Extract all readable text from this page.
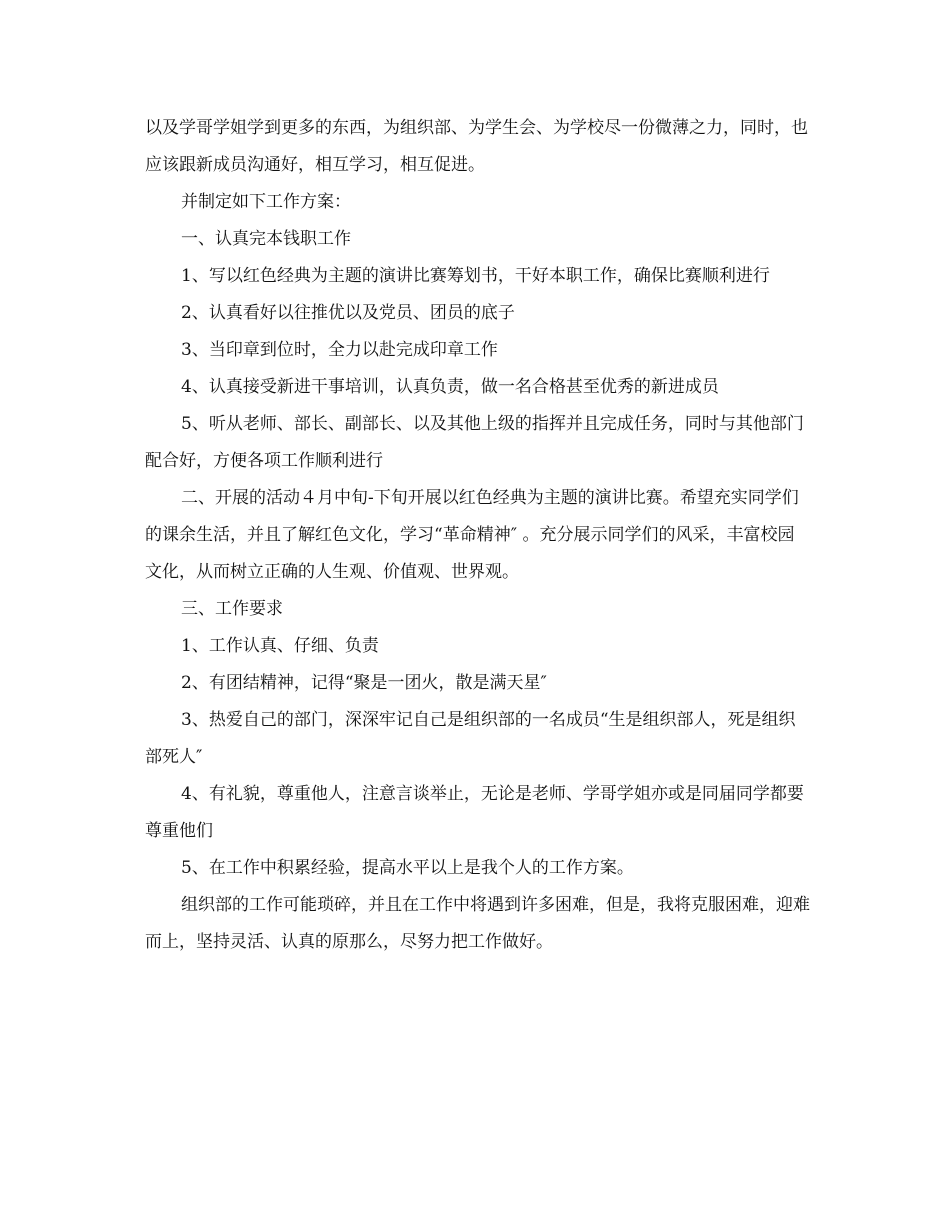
以及学哥学姐学到更多的东西，为组织部、为学生会、为学校尽一份微薄之力，同时，也应该跟新成员沟通好，相互学习，相互促进。

并制定如下工作方案：

一、认真完本钱职工作

1、写以红色经典为主题的演讲比赛筹划书，干好本职工作，确保比赛顺利进行

2、认真看好以往推优以及党员、团员的底子

3、当印章到位时，全力以赴完成印章工作

4、认真接受新进干事培训，认真负责，做一名合格甚至优秀的新进成员

5、听从老师、部长、副部长、以及其他上级的指挥并且完成任务，同时与其他部门配合好，方便各项工作顺利进行

二、开展的活动４月中旬-下旬开展以红色经典为主题的演讲比赛。希望充实同学们的课余生活，并且了解红色文化，学习“革命精神″ 。充分展示同学们的风采，丰富校园文化，从而树立正确的人生观、价值观、世界观。

三、工作要求

1、工作认真、仔细、负责

2、有团结精神，记得“聚是一团火，散是满天星″

3、热爱自己的部门，深深牢记自己是组织部的一名成员“生是组织部人，死是组织部死人″

4、有礼貌，尊重他人，注意言谈举止，无论是老师、学哥学姐亦或是同届同学都要尊重他们

5、在工作中积累经验，提高水平以上是我个人的工作方案。

组织部的工作可能琐碎，并且在工作中将遇到许多困难，但是，我将克服困难，迎难而上，坚持灵活、认真的原那么，尽努力把工作做好。
